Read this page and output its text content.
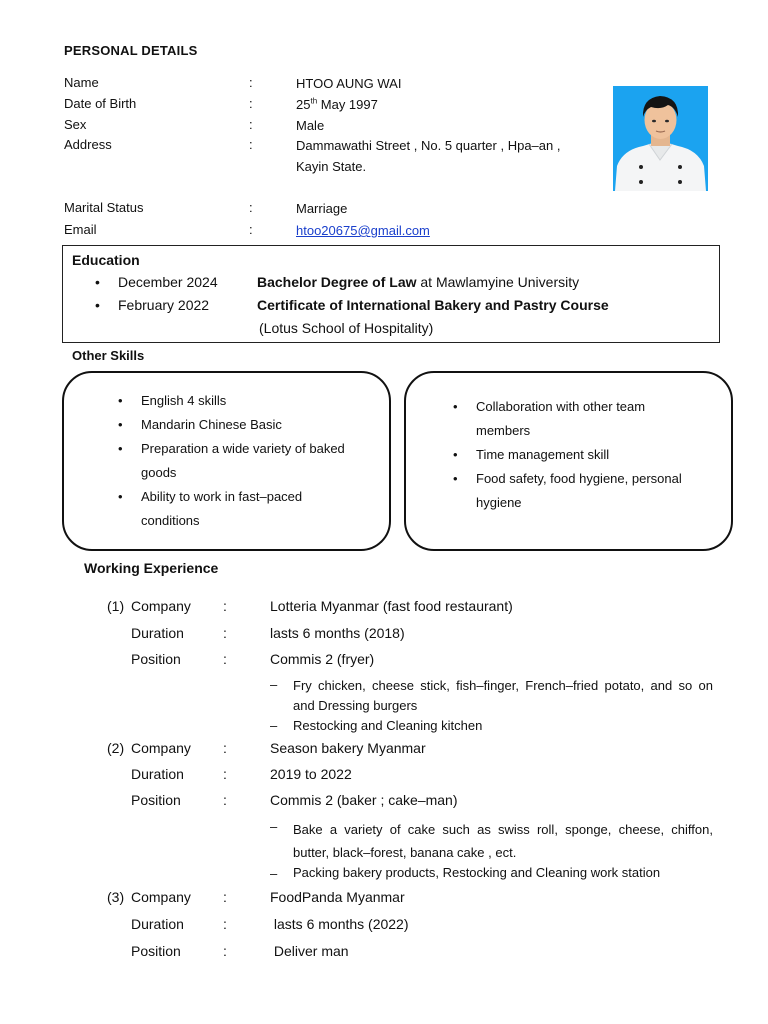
PERSONAL DETAILS
Name	:	HTOO AUNG WAI
Date of Birth	:	25th May 1997
Sex	:	Male
Address	:	Dammawathi Street , No. 5 quarter , Hpa–an ,
Kayin State.
Marital Status	:	Marriage
Email	:	htoo20675@gmail.com
Education
• December 2024	Bachelor Degree of Law at Mawlamyine University
• February 2022	Certificate of International Bakery and Pastry Course
(Lotus School of Hospitality)
Other Skills
• English 4 skills
• Mandarin Chinese Basic
• Preparation a wide variety of baked
goods
• Ability to work in fast–paced
conditions
• Collaboration with other team
members
• Time management skill
• Food safety, food hygiene, personal
hygiene
Working Experience
(1) Company :	Lotteria Myanmar (fast food restaurant)
Duration	:	lasts 6 months (2018)
Position	:	Commis 2 (fryer)
– Fry chicken, cheese stick, fish–finger, French–fried potato, and so on and Dressing burgers
– Restocking and Cleaning kitchen
(2) Company :	Season bakery Myanmar
Duration	:	2019 to 2022
Position	:	Commis 2 (baker ; cake–man)
– Bake a variety of cake such as swiss roll, sponge, cheese, chiffon, butter, black–forest, banana cake , ect.
– Packing bakery products, Restocking and Cleaning work station
(3) Company :	FoodPanda Myanmar
Duration	:	lasts 6 months (2022)
Position	:	Deliver man
